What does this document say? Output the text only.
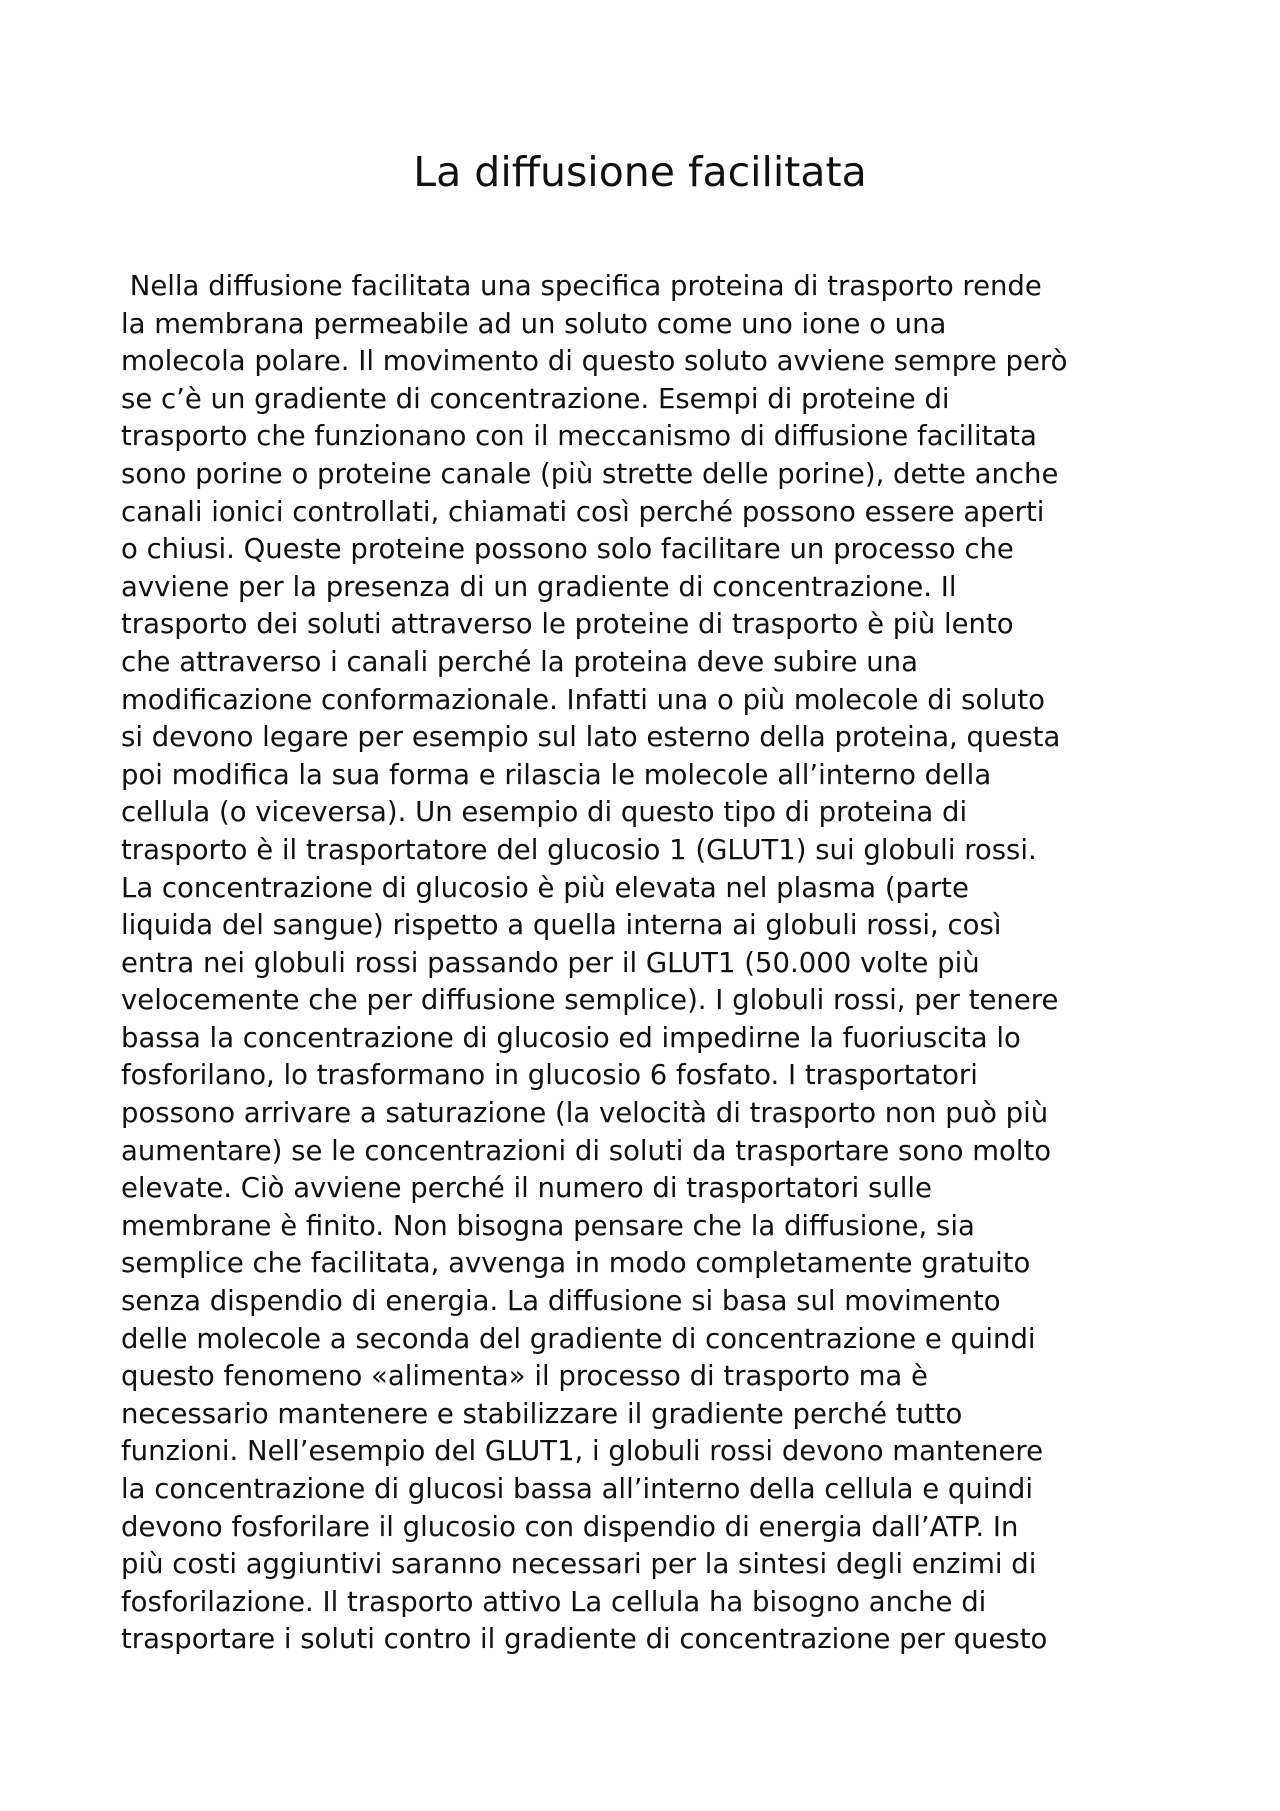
La diffusione facilitata
Nella diffusione facilitata una specifica proteina di trasporto rende
la membrana permeabile ad un soluto come uno ione o una
molecola polare. Il movimento di questo soluto avviene sempre però
se c’è un gradiente di concentrazione. Esempi di proteine di
trasporto che funzionano con il meccanismo di diffusione facilitata
sono porine o proteine canale (più strette delle porine), dette anche
canali ionici controllati, chiamati così perché possono essere aperti
o chiusi. Queste proteine possono solo facilitare un processo che
avviene per la presenza di un gradiente di concentrazione. Il
trasporto dei soluti attraverso le proteine di trasporto è più lento
che attraverso i canali perché la proteina deve subire una
modificazione conformazionale. Infatti una o più molecole di soluto
si devono legare per esempio sul lato esterno della proteina, questa
poi modifica la sua forma e rilascia le molecole all’interno della
cellula (o viceversa). Un esempio di questo tipo di proteina di
trasporto è il trasportatore del glucosio 1 (GLUT1) sui globuli rossi.
La concentrazione di glucosio è più elevata nel plasma (parte
liquida del sangue) rispetto a quella interna ai globuli rossi, così
entra nei globuli rossi passando per il GLUT1 (50.000 volte più
velocemente che per diffusione semplice). I globuli rossi, per tenere
bassa la concentrazione di glucosio ed impedirne la fuoriuscita lo
fosforilano, lo trasformano in glucosio 6 fosfato. I trasportatori
possono arrivare a saturazione (la velocità di trasporto non può più
aumentare) se le concentrazioni di soluti da trasportare sono molto
elevate. Ciò avviene perché il numero di trasportatori sulle
membrane è finito. Non bisogna pensare che la diffusione, sia
semplice che facilitata, avvenga in modo completamente gratuito
senza dispendio di energia. La diffusione si basa sul movimento
delle molecole a seconda del gradiente di concentrazione e quindi
questo fenomeno «alimenta» il processo di trasporto ma è
necessario mantenere e stabilizzare il gradiente perché tutto
funzioni. Nell’esempio del GLUT1, i globuli rossi devono mantenere
la concentrazione di glucosi bassa all’interno della cellula e quindi
devono fosforilare il glucosio con dispendio di energia dall’ATP. In
più costi aggiuntivi saranno necessari per la sintesi degli enzimi di
fosforilazione. Il trasporto attivo La cellula ha bisogno anche di
trasportare i soluti contro il gradiente di concentrazione per questo
